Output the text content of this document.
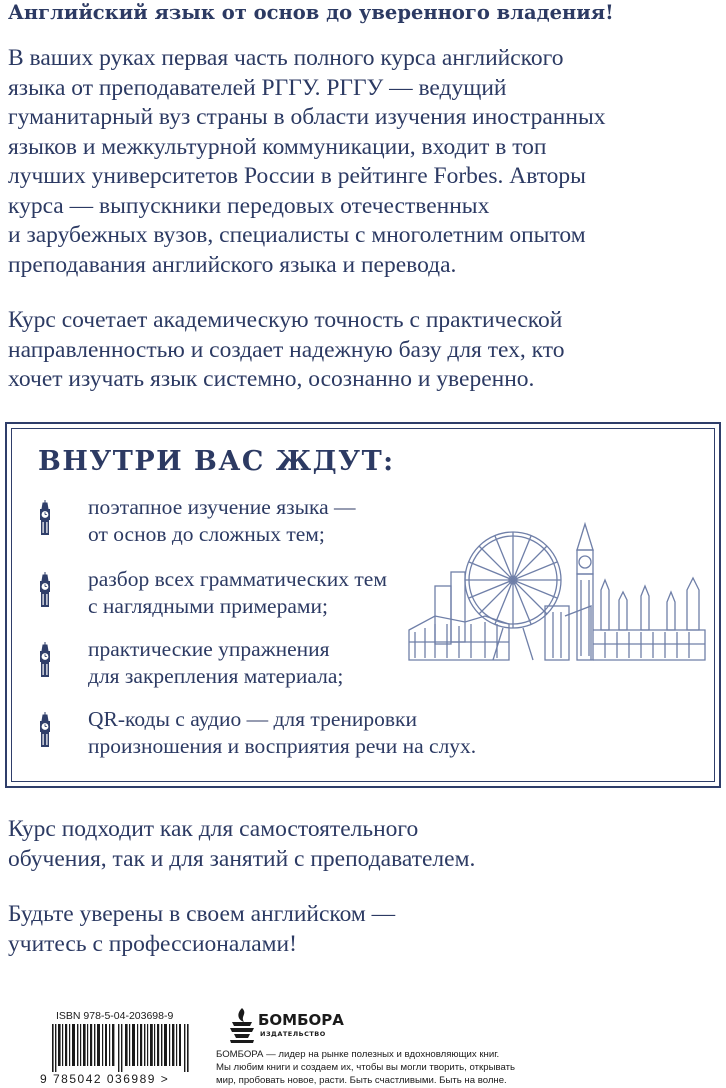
Английский язык от основ до уверенного владения!
В ваших руках первая часть полного курса английского
языка от преподавателей РГГУ. РГГУ — ведущий
гуманитарный вуз страны в области изучения иностранных
языков и межкультурной коммуникации, входит в топ
лучших университетов России в рейтинге Forbes. Авторы
курса — выпускники передовых отечественных
и зарубежных вузов, специалисты с многолетним опытом
преподавания английского языка и перевода.
Курс сочетает академическую точность с практической
направленностью и создает надежную базу для тех, кто
хочет изучать язык системно, осознанно и уверенно.
ВНУТРИ ВАС ЖДУТ:
поэтапное изучение языка —
от основ до сложных тем;
разбор всех грамматических тем
с наглядными примерами;
практические упражнения
для закрепления материала;
QR-коды с аудио — для тренировки
произношения и восприятия речи на слух.
Курс подходит как для самостоятельного
обучения, так и для занятий с преподавателем.
Будьте уверены в своем английском —
учитесь с профессионалами!
ISBN 978-5-04-203698-9
9 785042 036989 >
БОМБОРА
ИЗДАТЕЛЬСТВО
БОМБОРА — лидер на рынке полезных и вдохновляющих книг.
Мы любим книги и создаем их, чтобы вы могли творить, открывать
мир, пробовать новое, расти. Быть счастливыми. Быть на волне.
